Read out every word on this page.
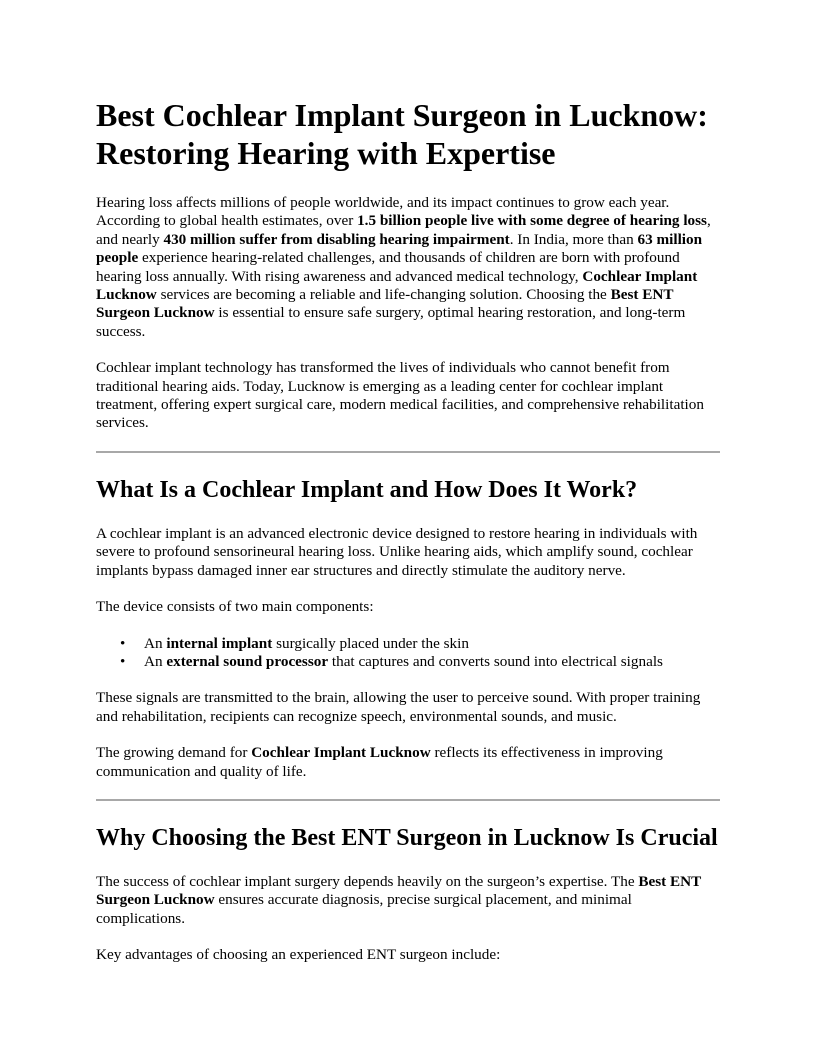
Best Cochlear Implant Surgeon in Lucknow:
Restoring Hearing with Expertise

Hearing loss affects millions of people worldwide, and its impact continues to grow each year. According to global health estimates, over 1.5 billion people live with some degree of hearing loss, and nearly 430 million suffer from disabling hearing impairment. In India, more than 63 million people experience hearing-related challenges, and thousands of children are born with profound hearing loss annually. With rising awareness and advanced medical technology, Cochlear Implant Lucknow services are becoming a reliable and life-changing solution. Choosing the Best ENT Surgeon Lucknow is essential to ensure safe surgery, optimal hearing restoration, and long-term success.

Cochlear implant technology has transformed the lives of individuals who cannot benefit from traditional hearing aids. Today, Lucknow is emerging as a leading center for cochlear implant treatment, offering expert surgical care, modern medical facilities, and comprehensive rehabilitation services.

What Is a Cochlear Implant and How Does It Work?

A cochlear implant is an advanced electronic device designed to restore hearing in individuals with severe to profound sensorineural hearing loss. Unlike hearing aids, which amplify sound, cochlear implants bypass damaged inner ear structures and directly stimulate the auditory nerve.

The device consists of two main components:

• An internal implant surgically placed under the skin
• An external sound processor that captures and converts sound into electrical signals

These signals are transmitted to the brain, allowing the user to perceive sound. With proper training and rehabilitation, recipients can recognize speech, environmental sounds, and music.

The growing demand for Cochlear Implant Lucknow reflects its effectiveness in improving communication and quality of life.

Why Choosing the Best ENT Surgeon in Lucknow Is Crucial

The success of cochlear implant surgery depends heavily on the surgeon’s expertise. The Best ENT Surgeon Lucknow ensures accurate diagnosis, precise surgical placement, and minimal complications.

Key advantages of choosing an experienced ENT surgeon include:
